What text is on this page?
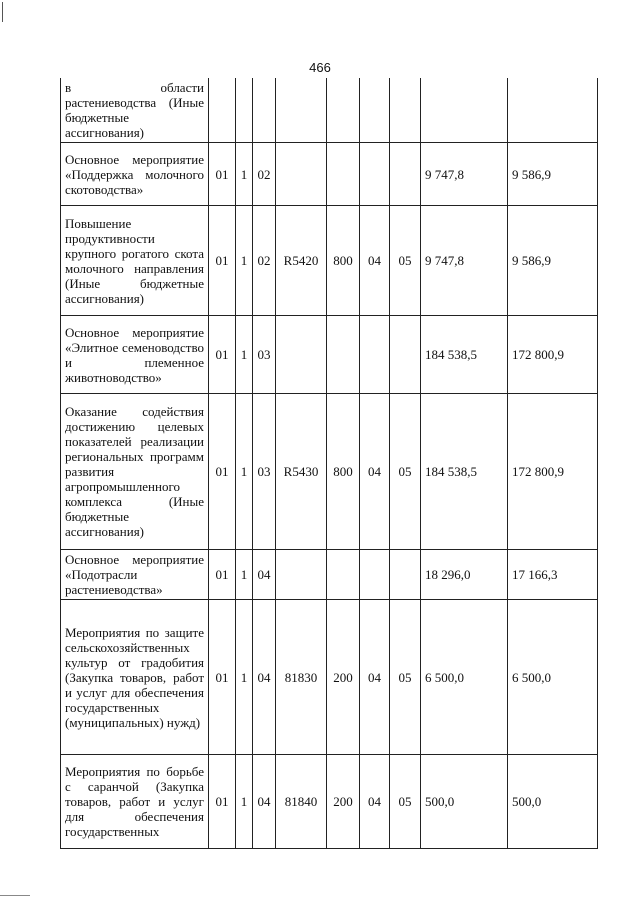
466
в области растениеводства (Иные бюджетные ассигнования)									
Основное мероприятие «Поддержка молочного скотоводства»	01	1	02					9 747,8	9 586,9
Повышение продуктивности крупного рогатого скота молочного направления (Иные бюджетные ассигнования)	01	1	02	R5420	800	04	05	9 747,8	9 586,9
Основное мероприятие «Элитное семеноводство и племенное животноводство»	01	1	03					184 538,5	172 800,9
Оказание содействия достижению целевых показателей реализации региональных программ развития агропромышленного комплекса (Иные бюджетные ассигнования)	01	1	03	R5430	800	04	05	184 538,5	172 800,9
Основное мероприятие «Подотрасли растениеводства»	01	1	04					18 296,0	17 166,3
Мероприятия по защите сельскохозяйственных культур от градобития (Закупка товаров, работ и услуг для обеспечения государственных (муниципальных) нужд)	01	1	04	81830	200	04	05	6 500,0	6 500,0
Мероприятия по борьбе с саранчой (Закупка товаров, работ и услуг для обеспечения государственных	01	1	04	81840	200	04	05	500,0	500,0
